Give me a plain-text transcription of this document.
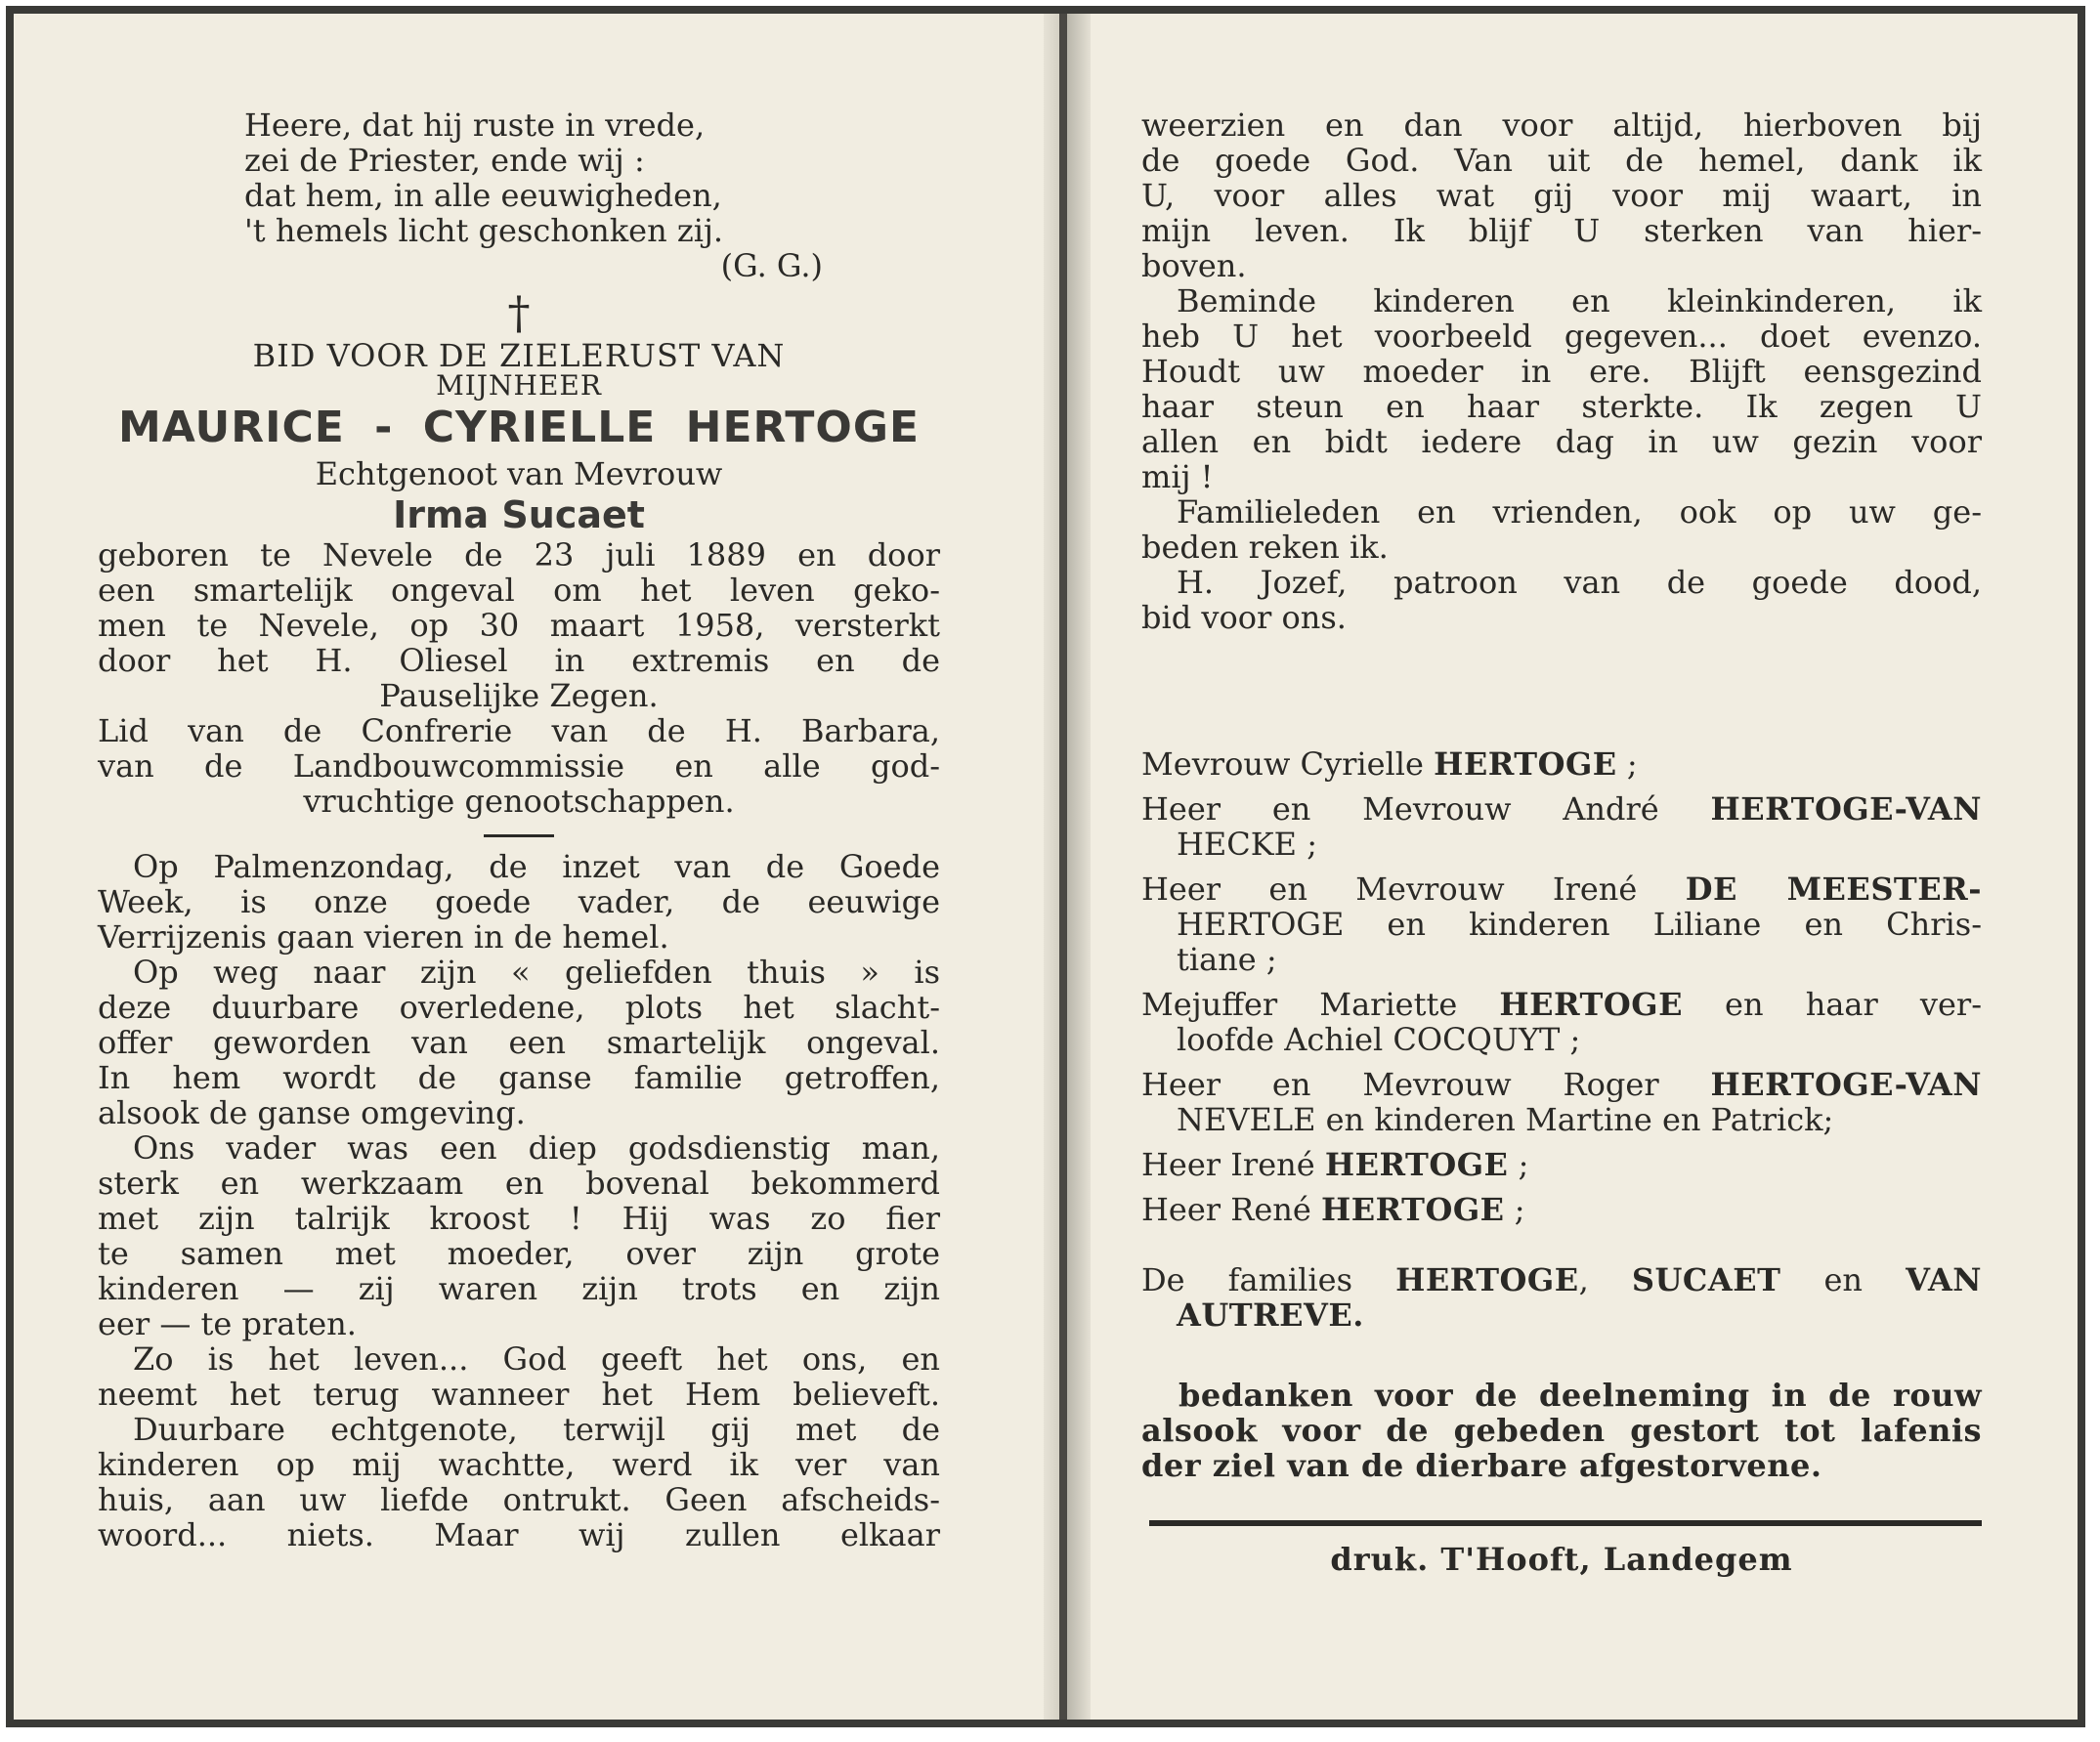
Heere, dat hij ruste in vrede,
zei de Priester, ende wij :
dat hem, in alle eeuwigheden,
't hemels licht geschonken zij.
(G. G.)
†
BID VOOR DE ZIELERUST VAN
MIJNHEER
MAURICE - CYRIELLE HERTOGE
Echtgenoot van Mevrouw
Irma Sucaet
geboren te Nevele de 23 juli 1889 en door
een smartelijk ongeval om het leven geko-
men te Nevele, op 30 maart 1958, versterkt
door het H. Oliesel in extremis en de
Pauselijke Zegen.
Lid van de Confrerie van de H. Barbara,
van de Landbouwcommissie en alle god-
vruchtige genootschappen.
Op Palmenzondag, de inzet van de Goede
Week, is onze goede vader, de eeuwige
Verrijzenis gaan vieren in de hemel.
Op weg naar zijn « geliefden thuis » is
deze duurbare overledene, plots het slacht-
offer geworden van een smartelijk ongeval.
In hem wordt de ganse familie getroffen,
alsook de ganse omgeving.
Ons vader was een diep godsdienstig man,
sterk en werkzaam en bovenal bekommerd
met zijn talrijk kroost ! Hij was zo fier
te samen met moeder, over zijn grote
kinderen — zij waren zijn trots en zijn
eer — te praten.
Zo is het leven... God geeft het ons, en
neemt het terug wanneer het Hem believeft.
Duurbare echtgenote, terwijl gij met de
kinderen op mij wachtte, werd ik ver van
huis, aan uw liefde ontrukt. Geen afscheids-
woord... niets. Maar wij zullen elkaar
weerzien en dan voor altijd, hierboven bij
de goede God. Van uit de hemel, dank ik
U, voor alles wat gij voor mij waart, in
mijn leven. Ik blijf U sterken van hier-
boven.
Beminde kinderen en kleinkinderen, ik
heb U het voorbeeld gegeven... doet evenzo.
Houdt uw moeder in ere. Blijft eensgezind
haar steun en haar sterkte. Ik zegen U
allen en bidt iedere dag in uw gezin voor
mij !
Familieleden en vrienden, ook op uw ge-
beden reken ik.
H. Jozef, patroon van de goede dood,
bid voor ons.
Mevrouw Cyrielle HERTOGE ;
Heer en Mevrouw André HERTOGE-VAN
HECKE ;
Heer en Mevrouw Irené DE MEESTER-
HERTOGE en kinderen Liliane en Chris-
tiane ;
Mejuffer Mariette HERTOGE en haar ver-
loofde Achiel COCQUYT ;
Heer en Mevrouw Roger HERTOGE-VAN
NEVELE en kinderen Martine en Patrick;
Heer Irené HERTOGE ;
Heer René HERTOGE ;
De families HERTOGE, SUCAET en VAN
AUTREVE.
bedanken voor de deelneming in de rouw
alsook voor de gebeden gestort tot lafenis
der ziel van de dierbare afgestorvene.
druk. T'Hooft, Landegem
